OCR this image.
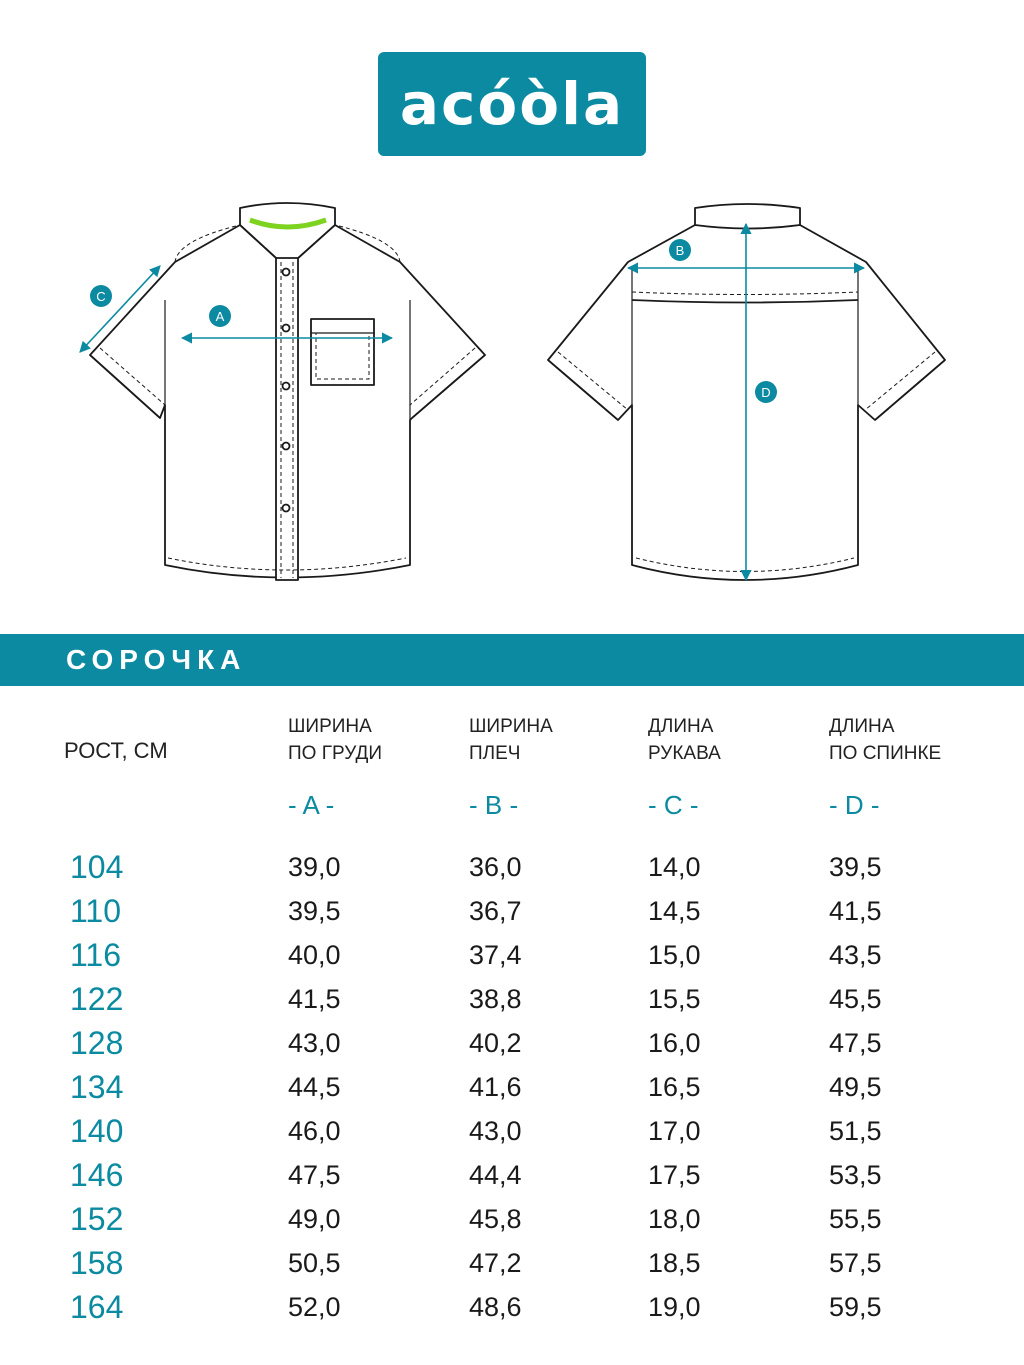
acóòla
A
C
B
D
СОРОЧКА
РОСТ, СМ
ШИРИНА
ПО ГРУДИ
ШИРИНА
ПЛЕЧ
ДЛИНА
РУКАВА
ДЛИНА
ПО СПИНКЕ
- A -	- B -	- C -	- D -
104	39,0	36,0	14,0	39,5
110	39,5	36,7	14,5	41,5
116	40,0	37,4	15,0	43,5
122	41,5	38,8	15,5	45,5
128	43,0	40,2	16,0	47,5
134	44,5	41,6	16,5	49,5
140	46,0	43,0	17,0	51,5
146	47,5	44,4	17,5	53,5
152	49,0	45,8	18,0	55,5
158	50,5	47,2	18,5	57,5
164	52,0	48,6	19,0	59,5
